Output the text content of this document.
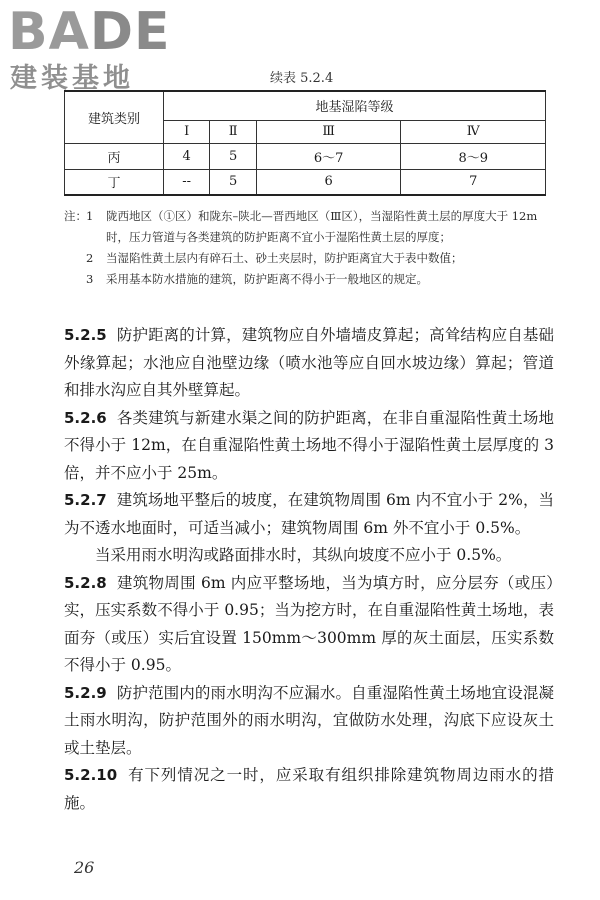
BADE
建装基地	续表 5.2.4
建筑类别	地基湿陷等级			
	Ⅰ	Ⅱ	Ⅲ	Ⅳ
丙	4	5	6～7	8～9
丁	--	5	6	7
注： 1	陇西地区（①区）和陇东–陕北—晋西地区（Ⅲ区），当湿陷性黄土层的厚度大于 12m 时，压力管道与各类建筑的防护距离不宜小于湿陷性黄土层的厚度；
2	当湿陷性黄土层内有碎石土、砂土夹层时，防护距离宜大于表中数值；
3	采用基本防水措施的建筑，防护距离不得小于一般地区的规定。
5.2.5 防护距离的计算，建筑物应自外墙墙皮算起；高耸结构应自基础外缘算起；水池应自池壁边缘（喷水池等应自回水坡边缘）算起；管道和排水沟应自其外壁算起。
5.2.6 各类建筑与新建水渠之间的防护距离，在非自重湿陷性黄土场地不得小于 12m，在自重湿陷性黄土场地不得小于湿陷性黄土层厚度的 3 倍，并不应小于 25m。
5.2.7 建筑场地平整后的坡度，在建筑物周围 6m 内不宜小于 2%，当为不透水地面时，可适当减小；建筑物周围 6m 外不宜小于 0.5%。
当采用雨水明沟或路面排水时，其纵向坡度不应小于 0.5%。
5.2.8 建筑物周围 6m 内应平整场地，当为填方时，应分层夯（或压）实，压实系数不得小于 0.95；当为挖方时，在自重湿陷性黄土场地，表面夯（或压）实后宜设置 150mm～300mm 厚的灰土面层，压实系数不得小于 0.95。
5.2.9 防护范围内的雨水明沟不应漏水。自重湿陷性黄土场地宜设混凝土雨水明沟，防护范围外的雨水明沟，宜做防水处理，沟底下应设灰土或土垫层。
5.2.10 有下列情况之一时，应采取有组织排除建筑物周边雨水的措施。
26
